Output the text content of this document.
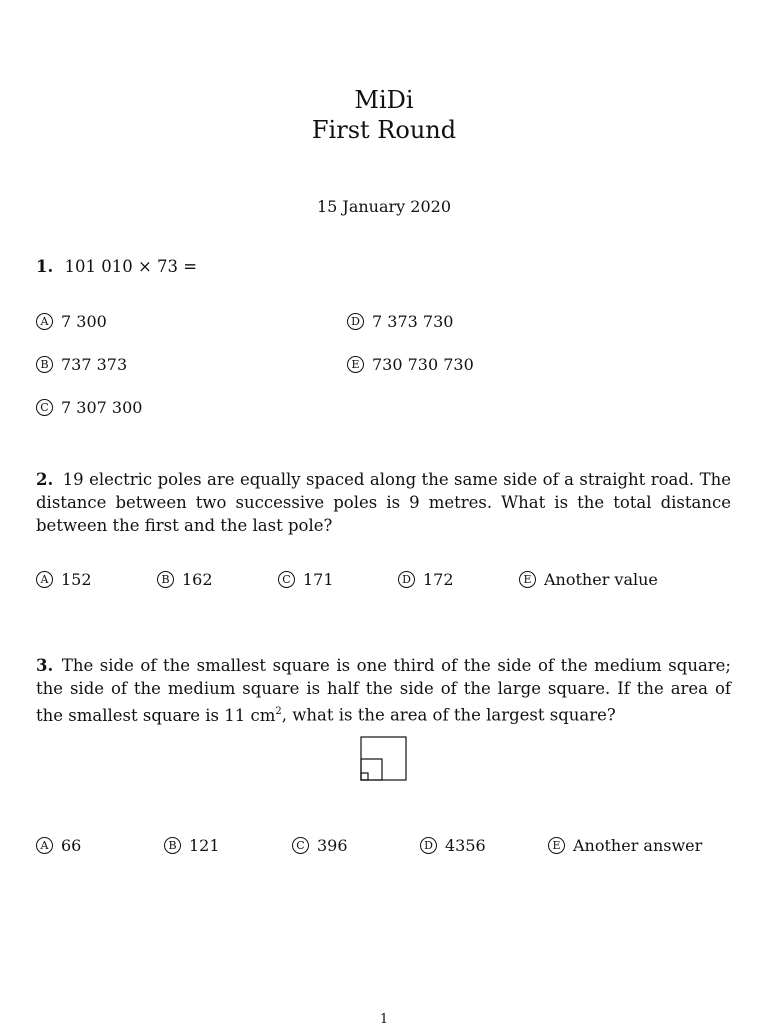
MiDi
First Round
15 January 2020
1. 101 010 × 73 =
A 7 300
B 737 373
C 7 307 300
D 7 373 730
E 730 730 730
2. 19 electric poles are equally spaced along the same side of a straight road. The distance between two successive poles is 9 metres. What is the total distance between the first and the last pole?
A 152	B 162	C 171	D 172	E Another value
3. The side of the smallest square is one third of the side of the medium square; the side of the medium square is half the side of the large square. If the area of the smallest square is 11 $cm^2$, what is the area of the largest square?
A 66	B 121	C 396	D 4356	E Another answer
1
